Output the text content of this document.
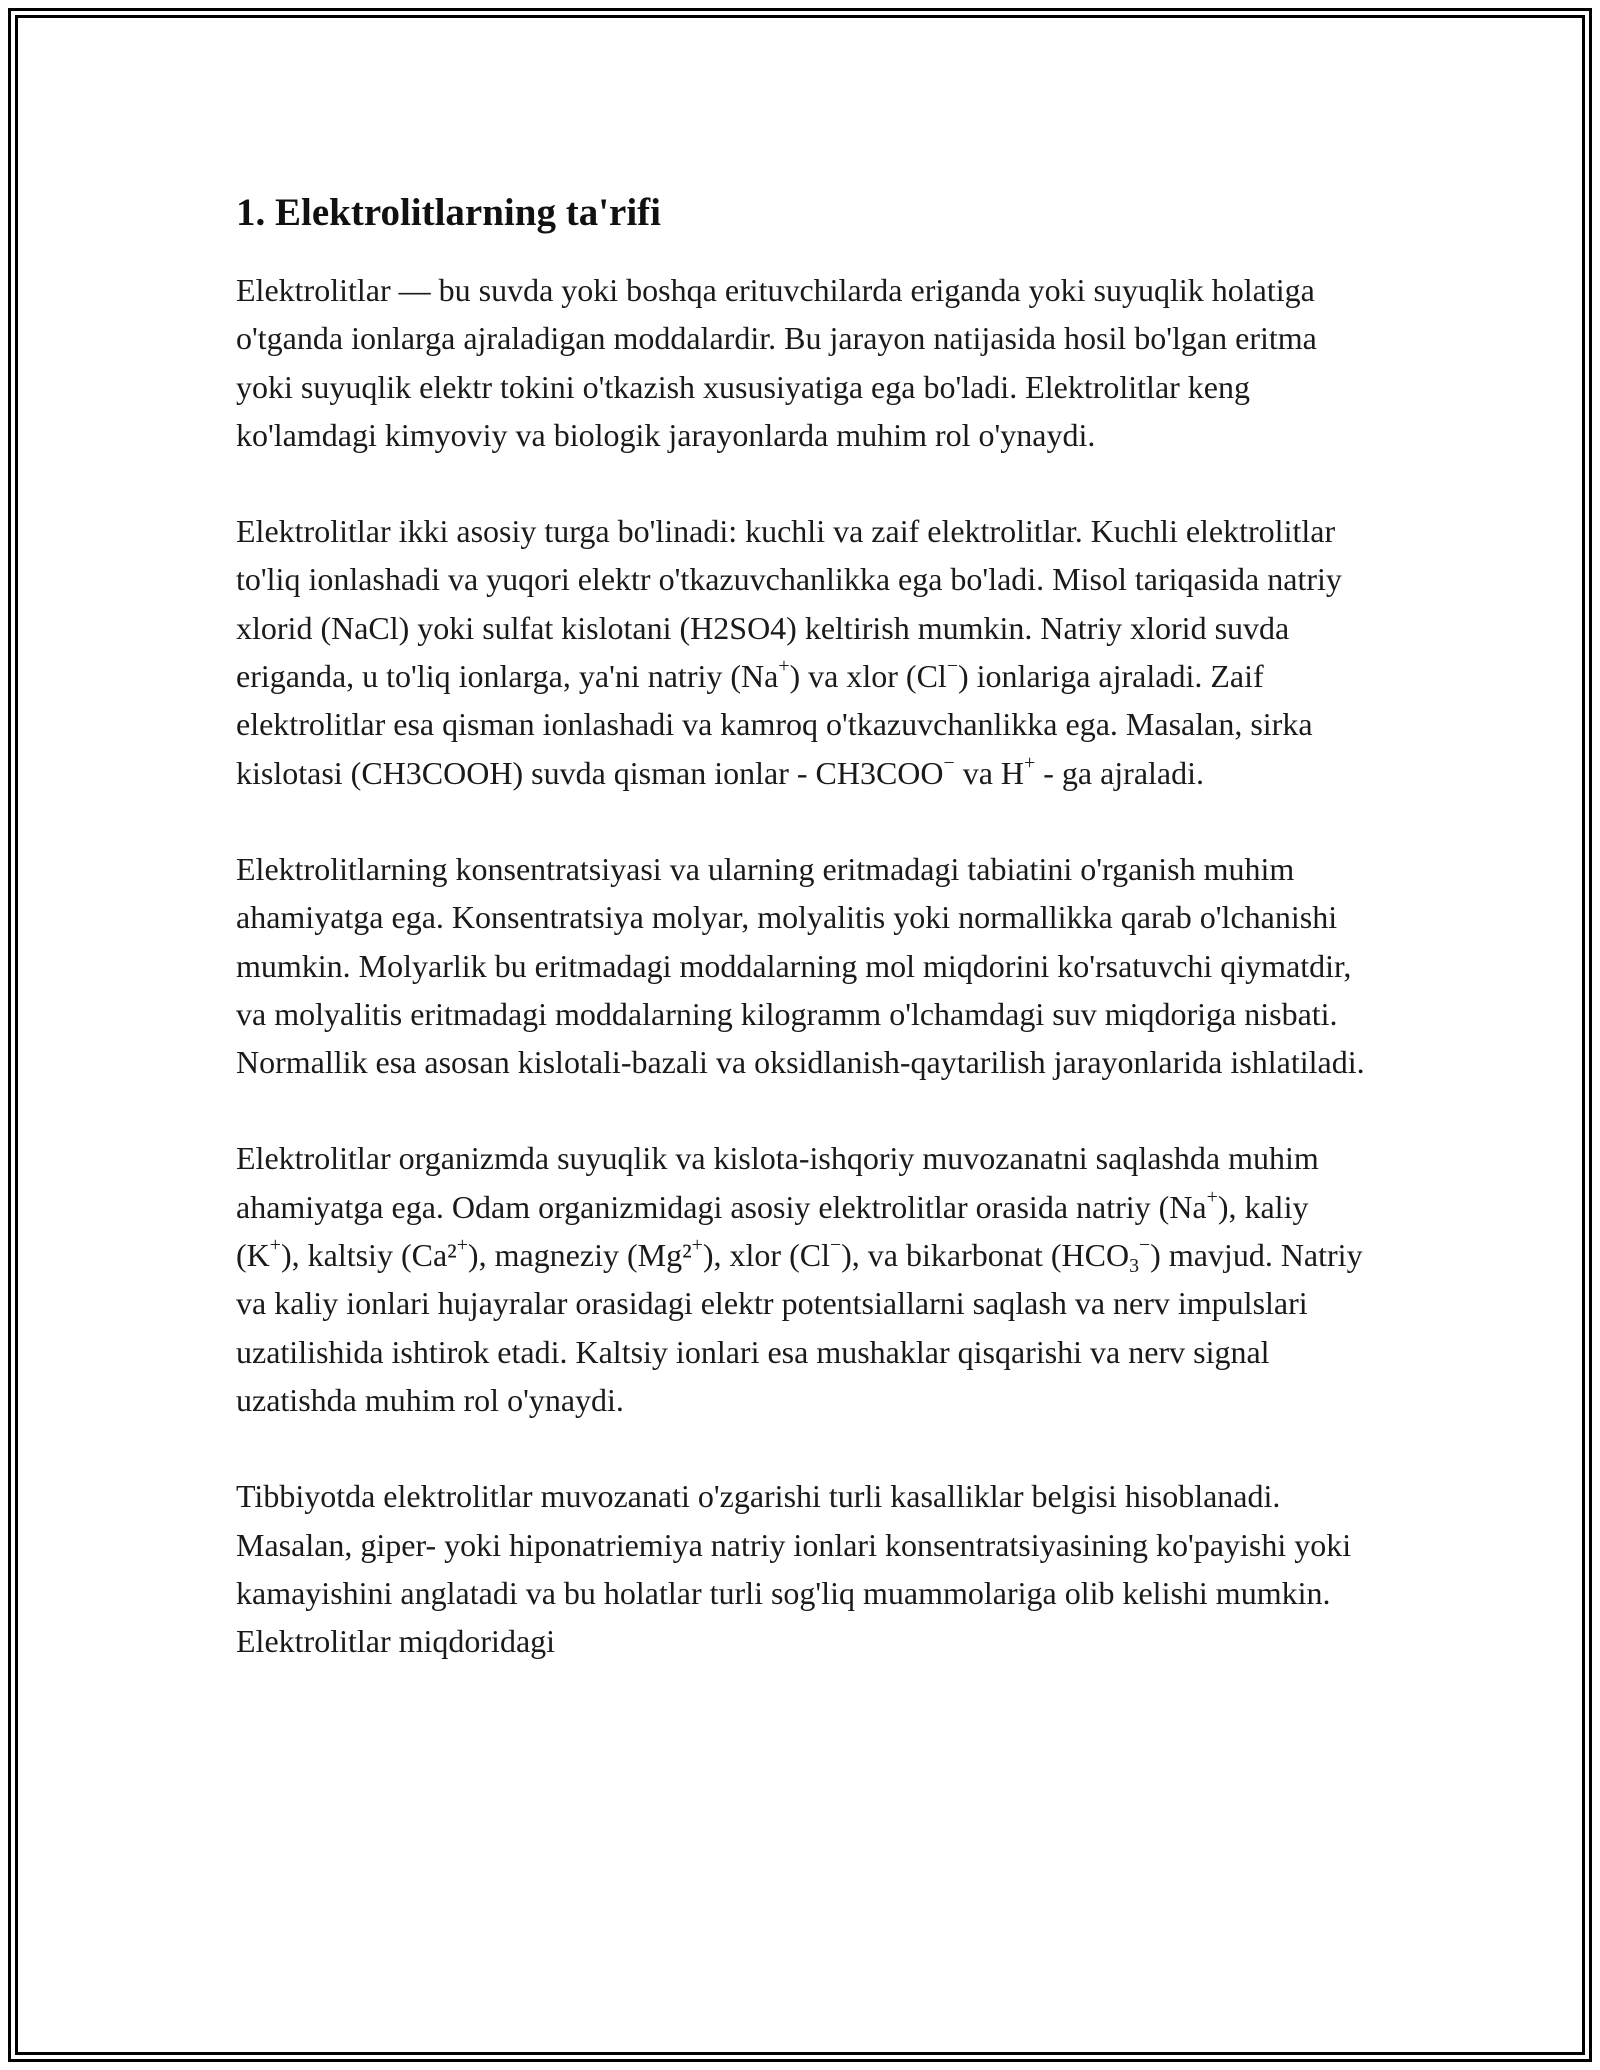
1. Elektrolitlarning ta'rifi

Elektrolitlar — bu suvda yoki boshqa erituvchilarda eriganda yoki suyuqlik holatiga o'tganda ionlarga ajraladigan moddalardir. Bu jarayon natijasida hosil bo'lgan eritma yoki suyuqlik elektr tokini o'tkazish xususiyatiga ega bo'ladi. Elektrolitlar keng ko'lamdagi kimyoviy va biologik jarayonlarda muhim rol o'ynaydi.

Elektrolitlar ikki asosiy turga bo'linadi: kuchli va zaif elektrolitlar. Kuchli elektrolitlar to'liq ionlashadi va yuqori elektr o'tkazuvchanlikka ega bo'ladi. Misol tariqasida natriy xlorid (NaCl) yoki sulfat kislotani (H2SO4) keltirish mumkin. Natriy xlorid suvda eriganda, u to'liq ionlarga, ya'ni natriy (Na+) va xlor (Cl−) ionlariga ajraladi. Zaif elektrolitlar esa qisman ionlashadi va kamroq o'tkazuvchanlikka ega. Masalan, sirka kislotasi (CH3COOH) suvda qisman ionlar - CH3COO− va H+ - ga ajraladi.

Elektrolitlarning konsentratsiyasi va ularning eritmadagi tabiatini o'rganish muhim ahamiyatga ega. Konsentratsiya molyar, molyalitis yoki normallikka qarab o'lchanishi mumkin. Molyarlik bu eritmadagi moddalarning mol miqdorini ko'rsatuvchi qiymatdir, va molyalitis eritmadagi moddalarning kilogramm o'lchamdagi suv miqdoriga nisbati. Normallik esa asosan kislotali-bazali va oksidlanish-qaytarilish jarayonlarida ishlatiladi.

Elektrolitlar organizmda suyuqlik va kislota-ishqoriy muvozanatni saqlashda muhim ahamiyatga ega. Odam organizmidagi asosiy elektrolitlar orasida natriy (Na+), kaliy (K+), kaltsiy (Ca²+), magneziy (Mg²+), xlor (Cl−), va bikarbonat $(HCO_3^-)$ mavjud. Natriy va kaliy ionlari hujayralar orasidagi elektr potentsiallarni saqlash va nerv impulslari uzatilishida ishtirok etadi. Kaltsiy ionlari esa mushaklar qisqarishi va nerv signal uzatishda muhim rol o'ynaydi.

Tibbiyotda elektrolitlar muvozanati o'zgarishi turli kasalliklar belgisi hisoblanadi. Masalan, giper- yoki hiponatriemiya natriy ionlari konsentratsiyasining ko'payishi yoki kamayishini anglatadi va bu holatlar turli sog'liq muammolariga olib kelishi mumkin. Elektrolitlar miqdoridagi
